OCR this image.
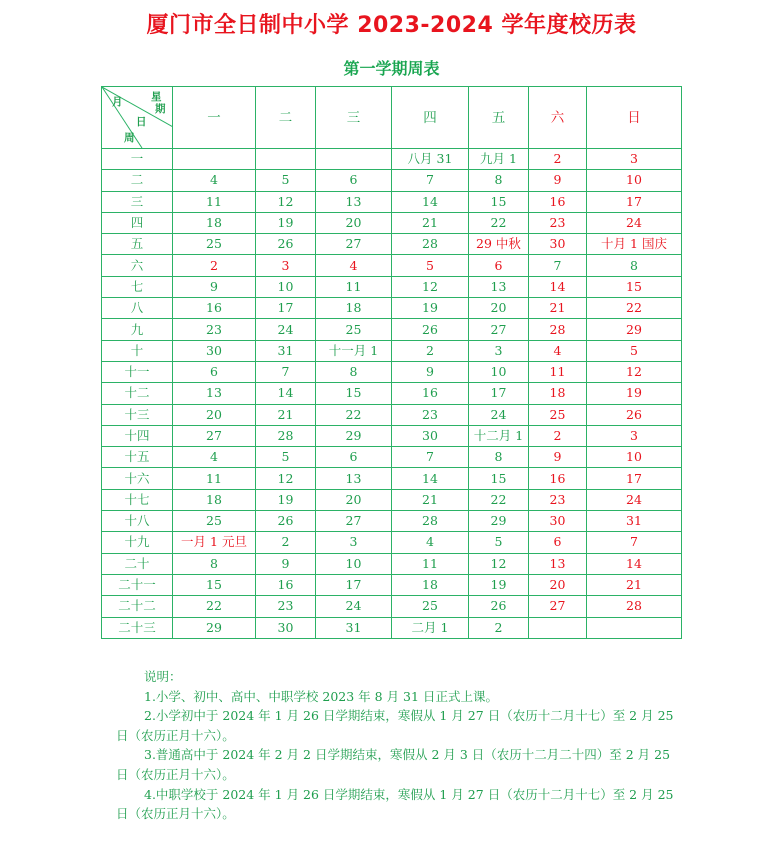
厦门市全日制中小学 2023-2024 学年度校历表
第一学期周表
月 星
期
日
周	一	二	三	四	五	六	日
一				八月 31	九月 1	2	3
二	4	5	6	7	8	9	10
三	11	12	13	14	15	16	17
四	18	19	20	21	22	23	24
五	25	26	27	28	29 中秋	30	十月 1 国庆
六	2	3	4	5	6	7	8
七	9	10	11	12	13	14	15
八	16	17	18	19	20	21	22
九	23	24	25	26	27	28	29
十	30	31	十一月 1	2	3	4	5
十一	6	7	8	9	10	11	12
十二	13	14	15	16	17	18	19
十三	20	21	22	23	24	25	26
十四	27	28	29	30	十二月 1	2	3
十五	4	5	6	7	8	9	10
十六	11	12	13	14	15	16	17
十七	18	19	20	21	22	23	24
十八	25	26	27	28	29	30	31
十九	一月 1 元旦	2	3	4	5	6	7
二十	8	9	10	11	12	13	14
二十一	15	16	17	18	19	20	21
二十二	22	23	24	25	26	27	28
二十三	29	30	31	二月 1	2		

说明：

1.小学、初中、高中、中职学校 2023 年 8 月 31 日正式上课。

2.小学初中于 2024 年 1 月 26 日学期结束，寒假从 1 月 27 日（农历十二月十七）至 2 月 25 日（农历正月十六）。

3.普通高中于 2024 年 2 月 2 日学期结束，寒假从 2 月 3 日（农历十二月二十四）至 2 月 25 日（农历正月十六）。

4.中职学校于 2024 年 1 月 26 日学期结束，寒假从 1 月 27 日（农历十二月十七）至 2 月 25 日（农历正月十六）。
